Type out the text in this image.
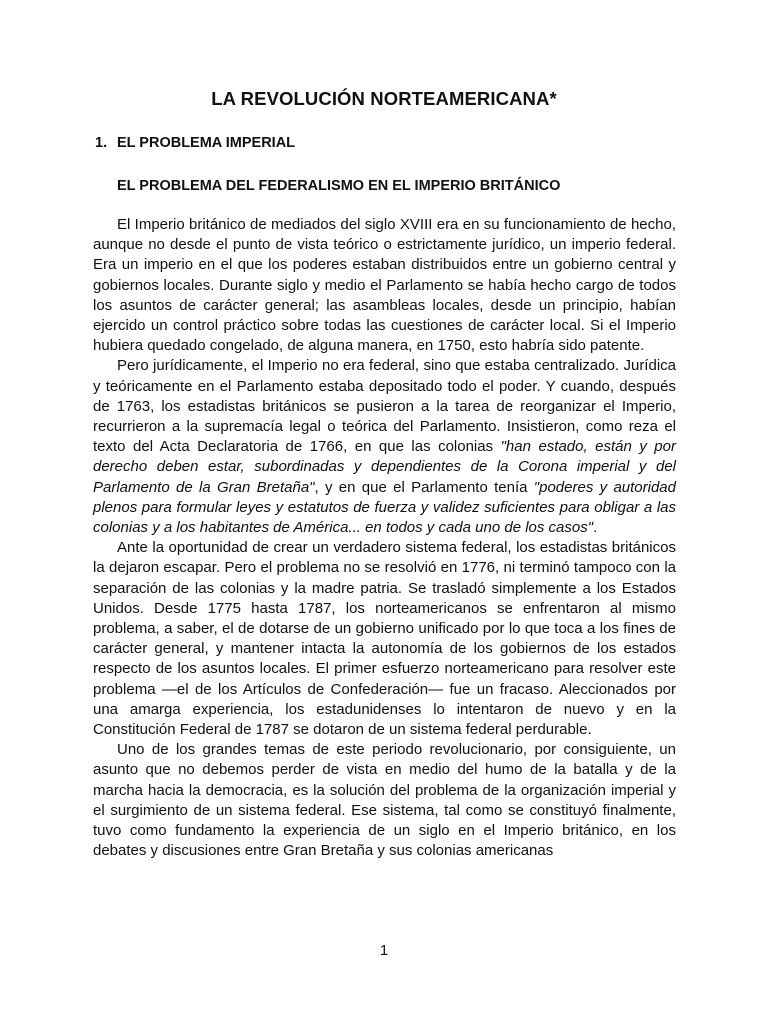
LA REVOLUCIÓN NORTEAMERICANA*
1. EL PROBLEMA IMPERIAL
EL PROBLEMA DEL FEDERALISMO EN EL IMPERIO BRITÁNICO

El Imperio británico de mediados del siglo XVIII era en su funcionamiento de hecho, aunque no desde el punto de vista teórico o estrictamente jurídico, un imperio federal. Era un imperio en el que los poderes estaban distribuidos entre un gobierno central y gobiernos locales. Durante siglo y medio el Parlamento se había hecho cargo de todos los asuntos de carácter general; las asambleas locales, desde un principio, habían ejercido un control práctico sobre todas las cuestiones de carácter local. Si el Imperio hubiera quedado congelado, de alguna manera, en 1750, esto habría sido patente.

Pero jurídicamente, el Imperio no era federal, sino que estaba centralizado. Jurídica y teóricamente en el Parlamento estaba depositado todo el poder. Y cuando, después de 1763, los estadistas británicos se pusieron a la tarea de reorganizar el Imperio, recurrieron a la supremacía legal o teórica del Parlamento. Insistieron, como reza el texto del Acta Declaratoria de 1766, en que las colonias "han estado, están y por derecho deben estar, subordinadas y dependientes de la Corona imperial y del Parlamento de la Gran Bretaña", y en que el Parlamento tenía "poderes y autoridad plenos para formular leyes y estatutos de fuerza y validez suficientes para obligar a las colonias y a los habitantes de América... en todos y cada uno de los casos".

Ante la oportunidad de crear un verdadero sistema federal, los estadistas británicos la dejaron escapar. Pero el problema no se resolvió en 1776, ni terminó tampoco con la separación de las colonias y la madre patria. Se trasladó simplemente a los Estados Unidos. Desde 1775 hasta 1787, los norteamericanos se enfrentaron al mismo problema, a saber, el de dotarse de un gobierno unificado por lo que toca a los fines de carácter general, y mantener intacta la autonomía de los gobiernos de los estados respecto de los asuntos locales. El primer esfuerzo norteamericano para resolver este problema —el de los Artículos de Confederación— fue un fracaso. Aleccionados por una amarga experiencia, los estadunidenses lo intentaron de nuevo y en la Constitución Federal de 1787 se dotaron de un sistema federal perdurable.

Uno de los grandes temas de este periodo revolucionario, por consiguiente, un asunto que no debemos perder de vista en medio del humo de la batalla y de la marcha hacia la democracia, es la solución del problema de la organización imperial y el surgimiento de un sistema federal. Ese sistema, tal como se constituyó finalmente, tuvo como fundamento la experiencia de un siglo en el Imperio británico, en los debates y discusiones entre Gran Bretaña y sus colonias americanas

1
